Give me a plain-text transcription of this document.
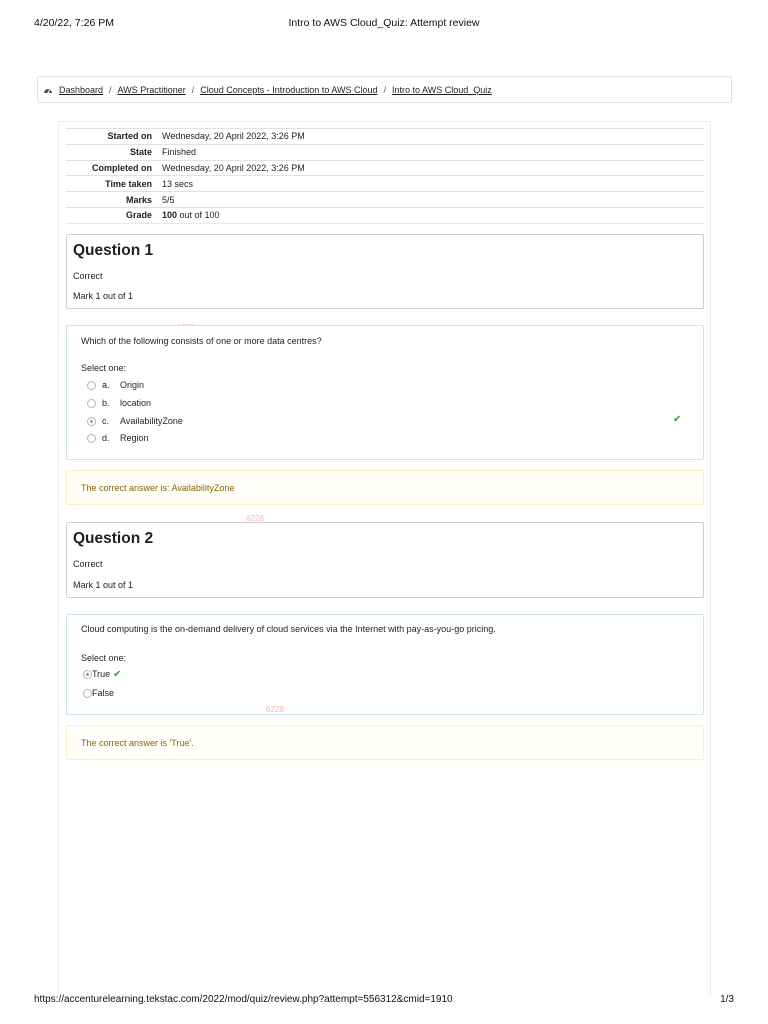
4/20/22, 7:26 PM	Intro to AWS Cloud_Quiz: Attempt review
Dashboard / AWS Practitioner / Cloud Concepts - Introduction to AWS Cloud / Intro to AWS Cloud_Quiz
Started on	Wednesday, 20 April 2022, 3:26 PM
State	Finished
Completed on	Wednesday, 20 April 2022, 3:26 PM
Time taken	13 secs
Marks	5/5
Grade	100 out of 100
Question 1
Correct
Mark 1 out of 1
Which of the following consists of one or more data centres?
Select one:
a.	Origin
b.	location
c.	AvailabilityZone
d.	Region
✔
The correct answer is: AvailabilityZone
6228
Question 2
Correct
Mark 1 out of 1
Cloud computing is the on-demand delivery of cloud services via the Internet with pay-as-you-go pricing.
Select one:
True ✔
False
6228
The correct answer is 'True'.
https://accenturelearning.tekstac.com/2022/mod/quiz/review.php?attempt=556312&cmid=1910	1/3
